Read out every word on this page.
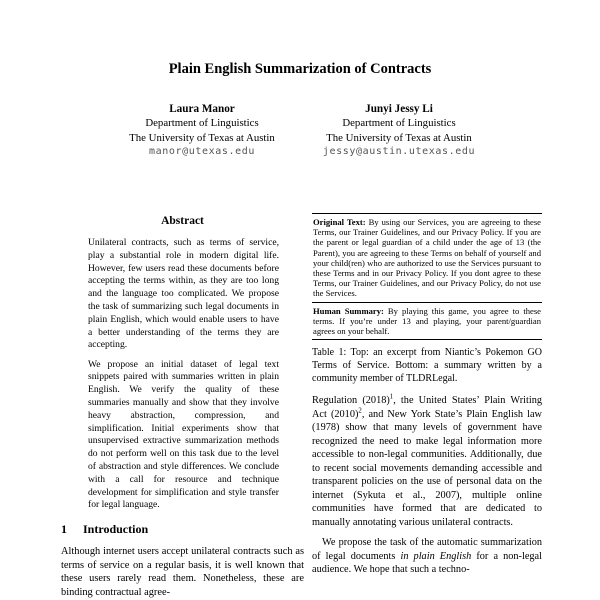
Plain English Summarization of Contracts
Laura Manor
Department of Linguistics
The University of Texas at Austin
manor@utexas.edu
Junyi Jessy Li
Department of Linguistics
The University of Texas at Austin
jessy@austin.utexas.edu
Abstract

Unilateral contracts, such as terms of service, play a substantial role in modern digital life. However, few users read these documents before accepting the terms within, as they are too long and the language too complicated. We propose the task of summarizing such legal documents in plain English, which would enable users to have a better understanding of the terms they are accepting.

We propose an initial dataset of legal text snippets paired with summaries written in plain English. We verify the quality of these summaries manually and show that they involve heavy abstraction, compression, and simplification. Initial experiments show that unsupervised extractive summarization methods do not perform well on this task due to the level of abstraction and style differences. We conclude with a call for resource and technique development for simplification and style transfer for legal language.

1 Introduction

Although internet users accept unilateral contracts such as terms of service on a regular basis, it is well known that these users rarely read them. Nonetheless, these are binding contractual agree-

Original Text: By using our Services, you are agreeing to these Terms, our Trainer Guidelines, and our Privacy Policy. If you are the parent or legal guardian of a child under the age of 13 (the Parent), you are agreeing to these Terms on behalf of yourself and your child(ren) who are authorized to use the Services pursuant to these Terms and in our Privacy Policy. If you dont agree to these Terms, our Trainer Guidelines, and our Privacy Policy, do not use the Services.
Human Summary: By playing this game, you agree to these terms. If you’re under 13 and playing, your parent/guardian agrees on your behalf.
Table 1: Top: an excerpt from Niantic’s Pokemon GO Terms of Service. Bottom: a summary written by a community member of TLDRLegal.

Regulation (2018)$^1$, the United States’ Plain Writing Act (2010)$^2$, and New York State’s Plain English law (1978) show that many levels of government have recognized the need to make legal information more accessible to non-legal communities. Additionally, due to recent social movements demanding accessible and transparent policies on the use of personal data on the internet (Sykuta et al., 2007), multiple online communities have formed that are dedicated to manually annotating various unilateral contracts.

We propose the task of the automatic summarization of legal documents in plain English for a non-legal audience. We hope that such a techno-
